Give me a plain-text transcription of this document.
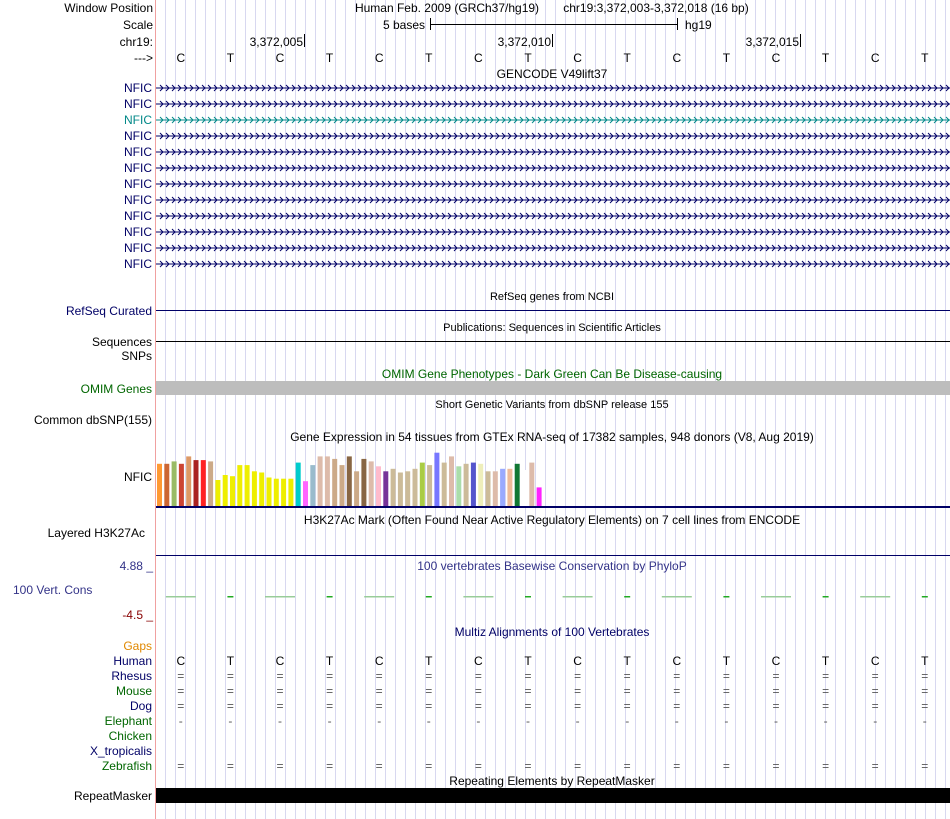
Window Position	Human Feb. 2009 (GRCh37/hg19) chr19:3,372,003-3,372,018 (16 bp)
Scale	5 bases	hg19
chr19:	3,372,005	3,372,010	3,372,015
--->	C	T	C	T	C	T	C	T	C	T	C	T	C	T	C	T
GENCODE V49lift37
NFIC
NFIC
NFIC
NFIC
NFIC
NFIC
NFIC
NFIC
NFIC
NFIC
NFIC
NFIC
RefSeq genes from NCBI
RefSeq Curated
Publications: Sequences in Scientific Articles
Sequences
SNPs
OMIM Gene Phenotypes - Dark Green Can Be Disease-causing
OMIM Genes
Short Genetic Variants from dbSNP release 155
Common dbSNP(155)
Gene Expression in 54 tissues from GTEx RNA-seq of 17382 samples, 948 donors (V8, Aug 2019)
NFIC
H3K27Ac Mark (Often Found Near Active Regulatory Elements) on 7 cell lines from ENCODE
Layered H3K27Ac
100 vertebrates Basewise Conservation by PhyloP
4.88 _
100 Vert. Cons
-4.5 _
Multiz Alignments of 100 Vertebrates
Gaps
Human	C	T	C	T	C	T	C	T	C	T	C	T	C	T	C	T
Rhesus	=	=	=	=	=	=	=	=	=	=	=	=	=	=	=	=
Mouse	=	=	=	=	=	=	=	=	=	=	=	=	=	=	=	=
Dog	=	=	=	=	=	=	=	=	=	=	=	=	=	=	=	=
Elephant	-	-	-	-	-	-	-	-	-	-	-	-	-	-	-	-
Chicken
X_tropicalis
Zebrafish	=	=	=	=	=	=	=	=	=	=	=	=	=	=	=	=
Repeating Elements by RepeatMasker
RepeatMasker
